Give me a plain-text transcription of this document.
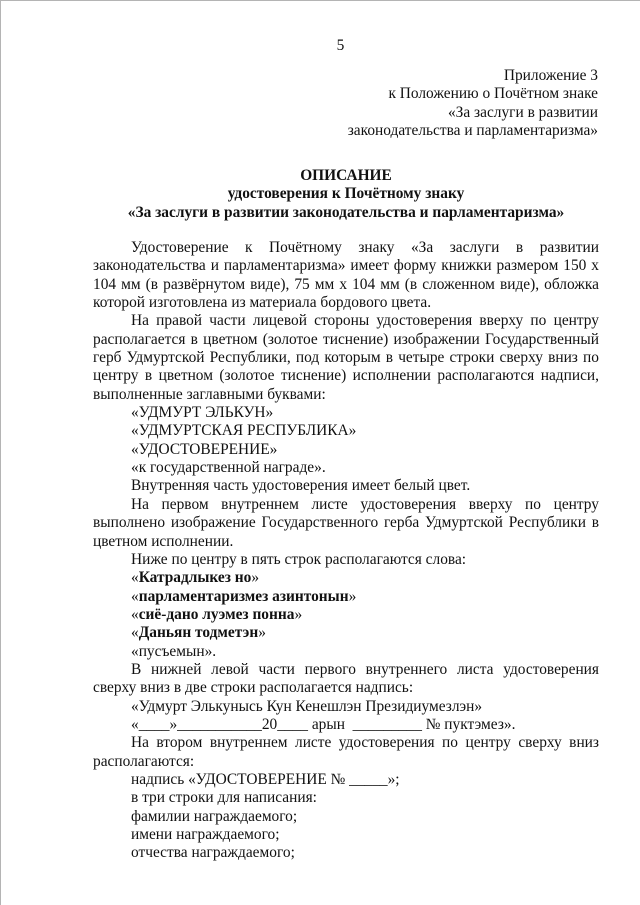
5
Приложение 3
к Положению о Почётном знаке
«За заслуги в развитии
законодательства и парламентаризма»
ОПИСАНИЕ
удостоверения к Почётному знаку
«За заслуги в развитии законодательства и парламентаризма»

Удостоверение к Почётному знаку «За заслуги в развитии законодательства и парламентаризма» имеет форму книжки размером 150 х 104 мм (в развёрнутом виде), 75 мм х 104 мм (в сложенном виде), обложка которой изготовлена из материала бордового цвета.

На правой части лицевой стороны удостоверения вверху по центру располагается в цветном (золотое тиснение) изображении Государственный герб Удмуртской Республики, под которым в четыре строки сверху вниз по центру в цветном (золотое тиснение) исполнении располагаются надписи, выполненные заглавными буквами:

«УДМУРТ ЭЛЬКУН»

«УДМУРТСКАЯ РЕСПУБЛИКА»

«УДОСТОВЕРЕНИЕ»

«к государственной награде».

Внутренняя часть удостоверения имеет белый цвет.

На первом внутреннем листе удостоверения вверху по центру выполнено изображение Государственного герба Удмуртской Республики в цветном исполнении.

Ниже по центру в пять строк располагаются слова:

«Катрадлыкез но»

«парламентаризмез азинтонын»

«сиё-дано луэмез понна»

«Даньян тодметэн»

«пусъемын».

В нижней левой части первого внутреннего листа удостоверения сверху вниз в две строки располагается надпись:

«Удмурт Элькунысь Кун Кенешлэн Президиумезлэн»

«____»___________20____ арын  _________ № пуктэмез».

На втором внутреннем листе удостоверения по центру сверху вниз располагаются:

надпись «УДОСТОВЕРЕНИЕ № _____»;

в три строки для написания:

фамилии награждаемого;

имени награждаемого;

отчества награждаемого;
